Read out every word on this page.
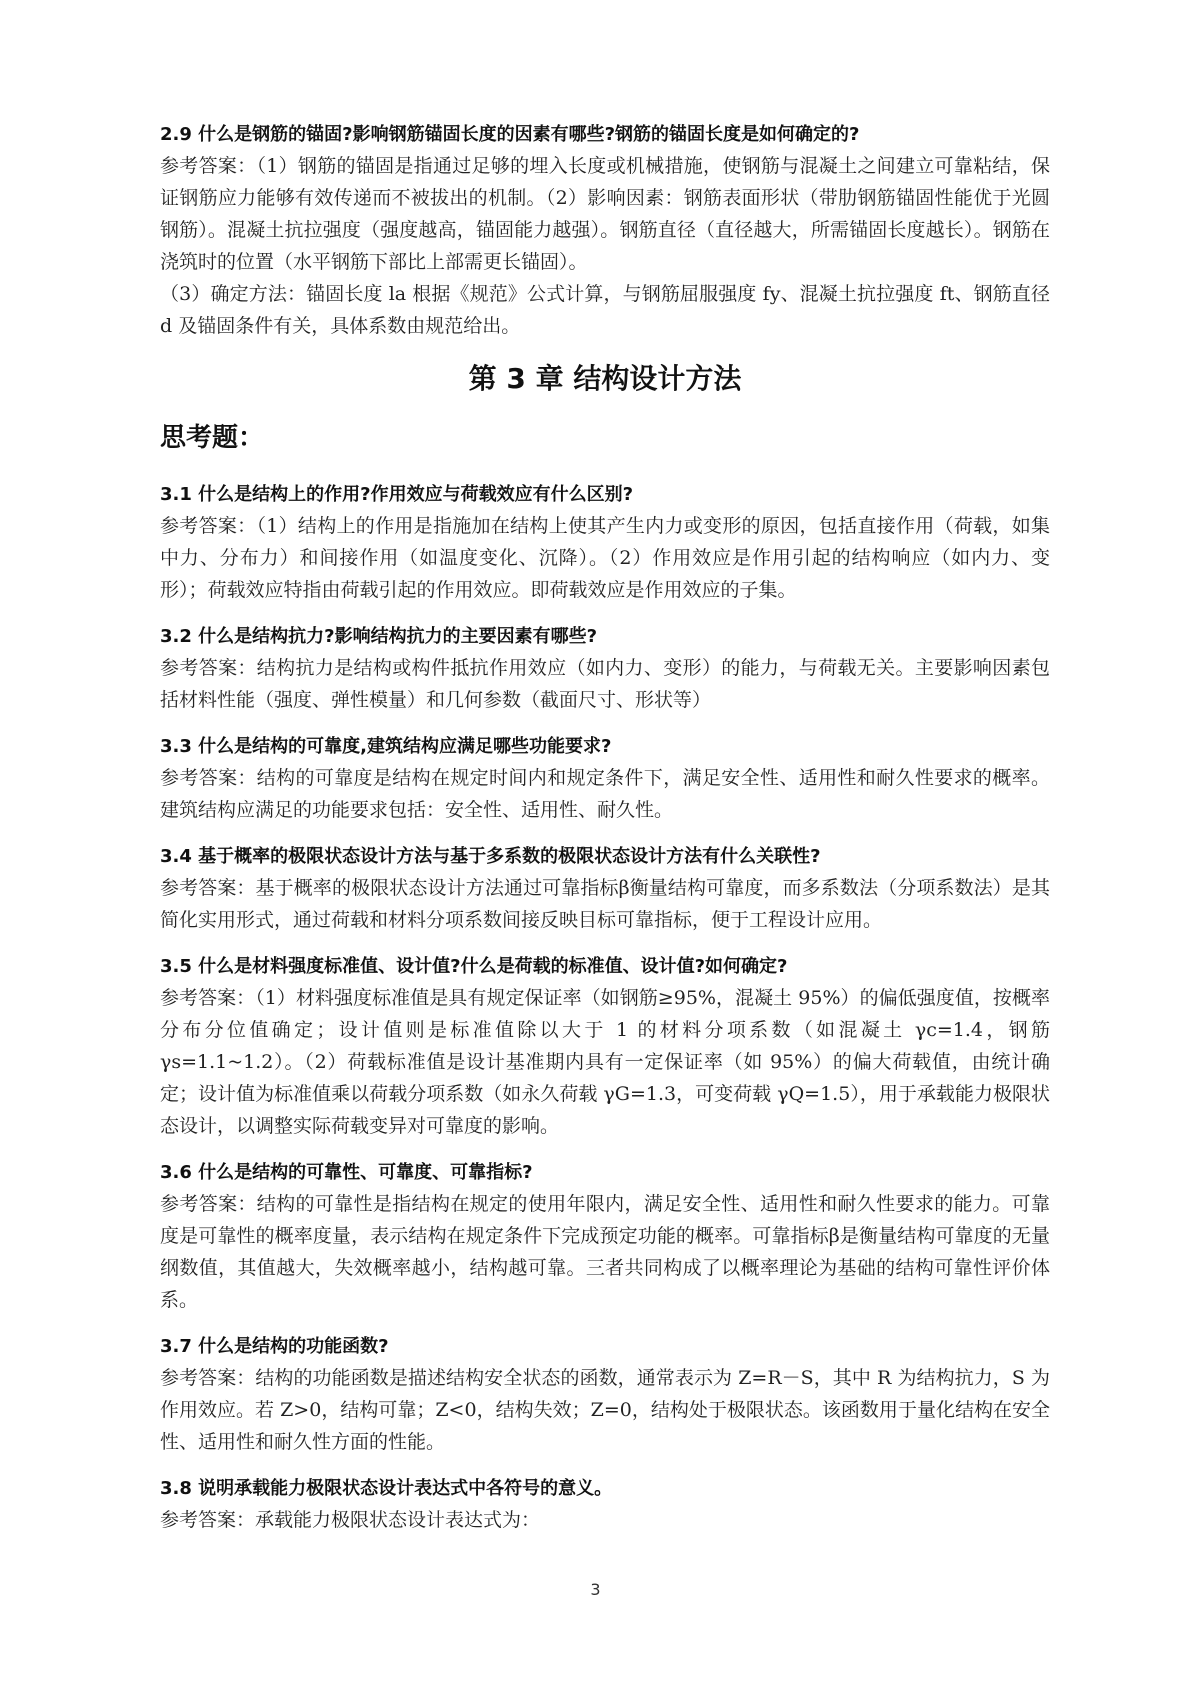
2.9 什么是钢筋的锚固?影响钢筋锚固长度的因素有哪些?钢筋的锚固长度是如何确定的?

参考答案：（1）钢筋的锚固是指通过足够的埋入长度或机械措施，使钢筋与混凝土之间建立可靠粘结，保证钢筋应力能够有效传递而不被拔出的机制。（2）影响因素：钢筋表面形状（带肋钢筋锚固性能优于光圆钢筋）。混凝土抗拉强度（强度越高，锚固能力越强）。钢筋直径（直径越大，所需锚固长度越长）。钢筋在浇筑时的位置（水平钢筋下部比上部需更长锚固）。

（3）确定方法：锚固长度 la 根据《规范》公式计算，与钢筋屈服强度 fy、混凝土抗拉强度 ft、钢筋直径 d 及锚固条件有关，具体系数由规范给出。

第 3 章 结构设计方法
思考题：

3.1 什么是结构上的作用?作用效应与荷载效应有什么区别?

参考答案：（1）结构上的作用是指施加在结构上使其产生内力或变形的原因，包括直接作用（荷载，如集中力、分布力）和间接作用（如温度变化、沉降）。（2）作用效应是作用引起的结构响应（如内力、变形）；荷载效应特指由荷载引起的作用效应。即荷载效应是作用效应的子集。

3.2 什么是结构抗力?影响结构抗力的主要因素有哪些?

参考答案：结构抗力是结构或构件抵抗作用效应（如内力、变形）的能力，与荷载无关。主要影响因素包括材料性能（强度、弹性模量）和几何参数（截面尺寸、形状等）

3.3 什么是结构的可靠度,建筑结构应满足哪些功能要求?

参考答案：结构的可靠度是结构在规定时间内和规定条件下，满足安全性、适用性和耐久性要求的概率。建筑结构应满足的功能要求包括：安全性、适用性、耐久性。

3.4 基于概率的极限状态设计方法与基于多系数的极限状态设计方法有什么关联性?

参考答案：基于概率的极限状态设计方法通过可靠指标β衡量结构可靠度，而多系数法（分项系数法）是其简化实用形式，通过荷载和材料分项系数间接反映目标可靠指标，便于工程设计应用。

3.5 什么是材料强度标准值、设计值?什么是荷载的标准值、设计值?如何确定?

参考答案：（1）材料强度标准值是具有规定保证率（如钢筋≥95%，混凝土 95%）的偏低强度值，按概率分布分位值确定；设计值则是标准值除以大于 1 的材料分项系数（如混凝土 γc=1.4，钢筋 γs=1.1~1.2）。（2）荷载标准值是设计基准期内具有一定保证率（如 95%）的偏大荷载值，由统计确定；设计值为标准值乘以荷载分项系数（如永久荷载 γG=1.3，可变荷载 γQ=1.5），用于承载能力极限状态设计，以调整实际荷载变异对可靠度的影响。

3.6 什么是结构的可靠性、可靠度、可靠指标?

参考答案：结构的可靠性是指结构在规定的使用年限内，满足安全性、适用性和耐久性要求的能力。可靠度是可靠性的概率度量，表示结构在规定条件下完成预定功能的概率。可靠指标β是衡量结构可靠度的无量纲数值，其值越大，失效概率越小，结构越可靠。三者共同构成了以概率理论为基础的结构可靠性评价体系。

3.7 什么是结构的功能函数?

参考答案：结构的功能函数是描述结构安全状态的函数，通常表示为 Z=R－S，其中 R 为结构抗力，S 为作用效应。若 Z>0，结构可靠；Z<0，结构失效；Z=0，结构处于极限状态。该函数用于量化结构在安全性、适用性和耐久性方面的性能。

3.8 说明承载能力极限状态设计表达式中各符号的意义。

参考答案：承载能力极限状态设计表达式为：

3
